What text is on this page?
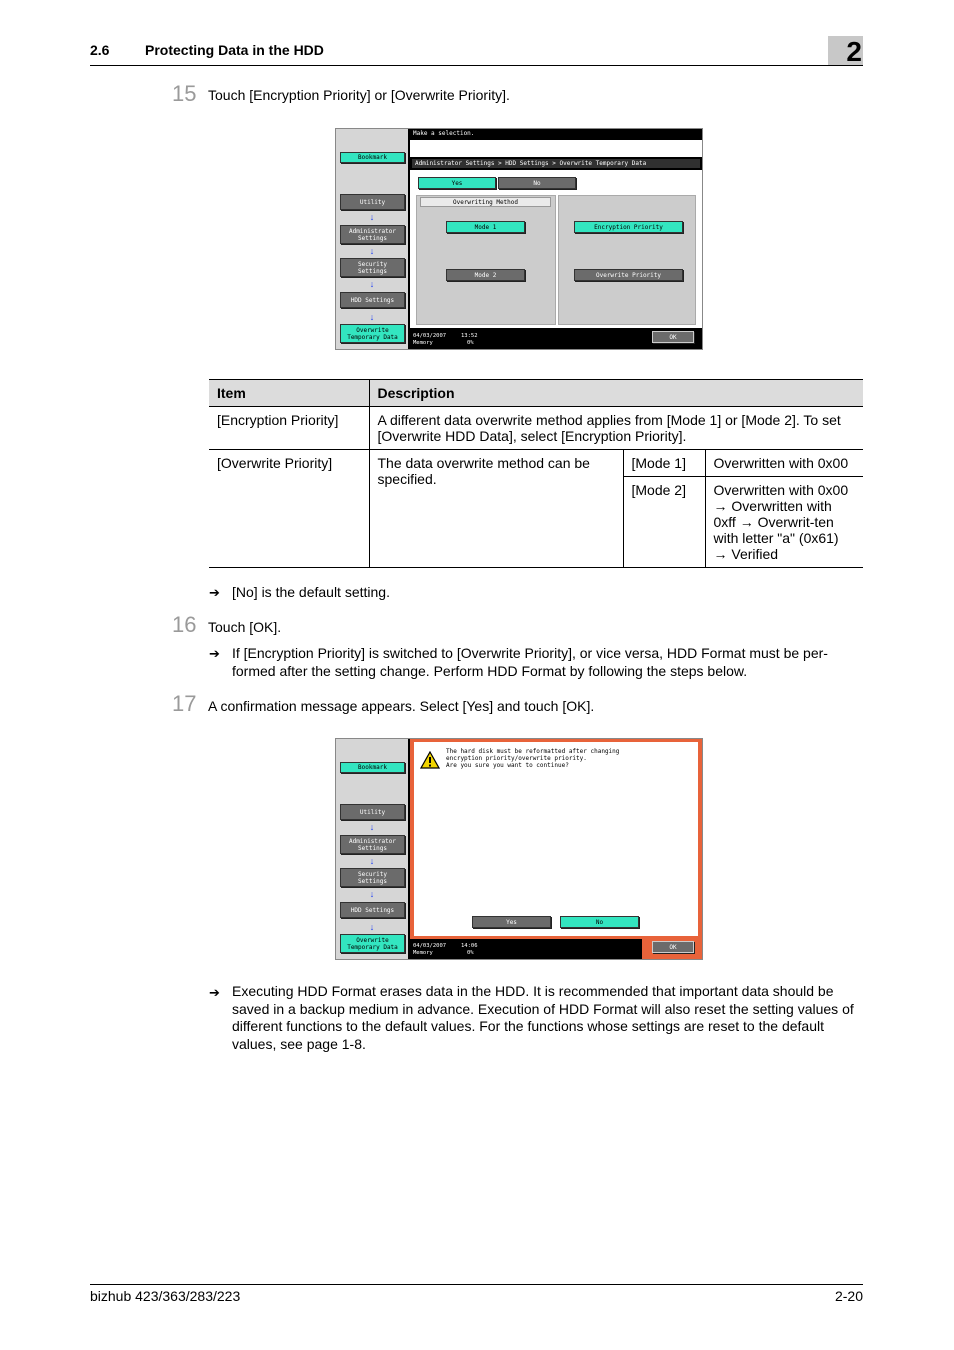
2.6	Protecting Data in the HDD	2
15 Touch [Encryption Priority] or [Overwrite Priority].
Bookmark
Utility
↓
Administrator
Settings
↓
Security
Settings
↓
HDD Settings
↓
Overwrite
Temporary Data
Make a selection.
Administrator Settings > HDD Settings > Overwrite Temporary Data
Yes	No
Overwriting Method
Mode 1
Mode 2
Encryption Priority
Overwrite Priority
04/03/2007	13:52
Memory	0%
OK
Item	Description		
[Encryption Priority]	A different data overwrite method applies from [Mode 1] or [Mode 2]. To set [Overwrite HDD Data], select [Encryption Priority].		
[Overwrite Priority]	The data overwrite method can be specified.	[Mode 1]	Overwritten with 0x00
		[Mode 2]	Overwritten with 0x00 → Overwritten with 0xff → Overwrit-ten with letter "a" (0x61) → Verified
➔ [No] is the default setting.
16 Touch [OK].
➔ If [Encryption Priority] is switched to [Overwrite Priority], or vice versa, HDD Format must be per-formed after the setting change. Perform HDD Format by following the steps below.
17 A confirmation message appears. Select [Yes] and touch [OK].
Bookmark
Utility
↓
Administrator
Settings
↓
Security
Settings
↓
HDD Settings
↓
Overwrite
Temporary Data
The hard disk must be reformatted after changing
encryption priority/overwrite priority.
Are you sure you want to continue?
Yes	No
04/03/2007	14:06
Memory	0%
OK
➔ Executing HDD Format erases data in the HDD. It is recommended that important data should be saved in a backup medium in advance. Execution of HDD Format will also reset the setting values of different functions to the default values. For the functions whose settings are reset to the default values, see page 1-8.
bizhub 423/363/283/223	2-20
